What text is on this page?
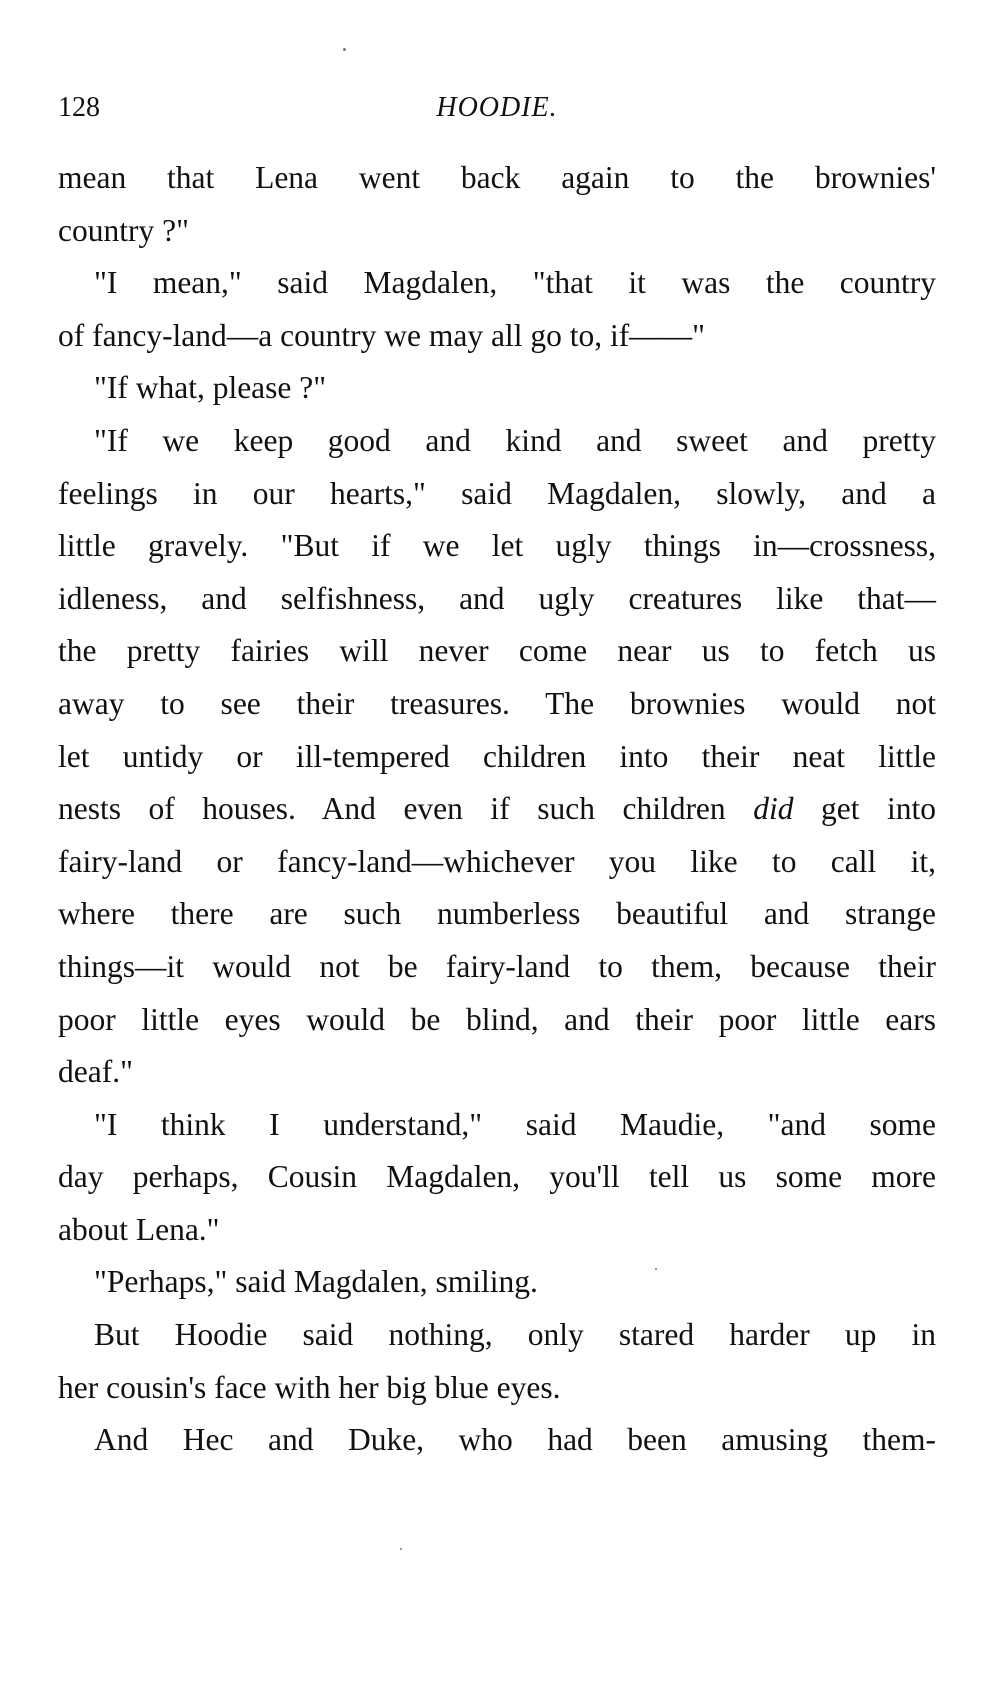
128	HOODIE.
mean that Lena went back again to the brownies'
country ?"
"I mean," said Magdalen, "that it was the country
of fancy-land—a country we may all go to, if——"
"If what, please ?"
"If we keep good and kind and sweet and pretty
feelings in our hearts," said Magdalen, slowly, and a
little gravely. "But if we let ugly things in—crossness,
idleness, and selfishness, and ugly creatures like that—
the pretty fairies will never come near us to fetch us
away to see their treasures. The brownies would not
let untidy or ill-tempered children into their neat little
nests of houses. And even if such children did get into
fairy-land or fancy-land—whichever you like to call it,
where there are such numberless beautiful and strange
things—it would not be fairy-land to them, because their
poor little eyes would be blind, and their poor little ears
deaf."
"I think I understand," said Maudie, "and some
day perhaps, Cousin Magdalen, you'll tell us some more
about Lena."
"Perhaps," said Magdalen, smiling.
But Hoodie said nothing, only stared harder up in
her cousin's face with her big blue eyes.
And Hec and Duke, who had been amusing them-
